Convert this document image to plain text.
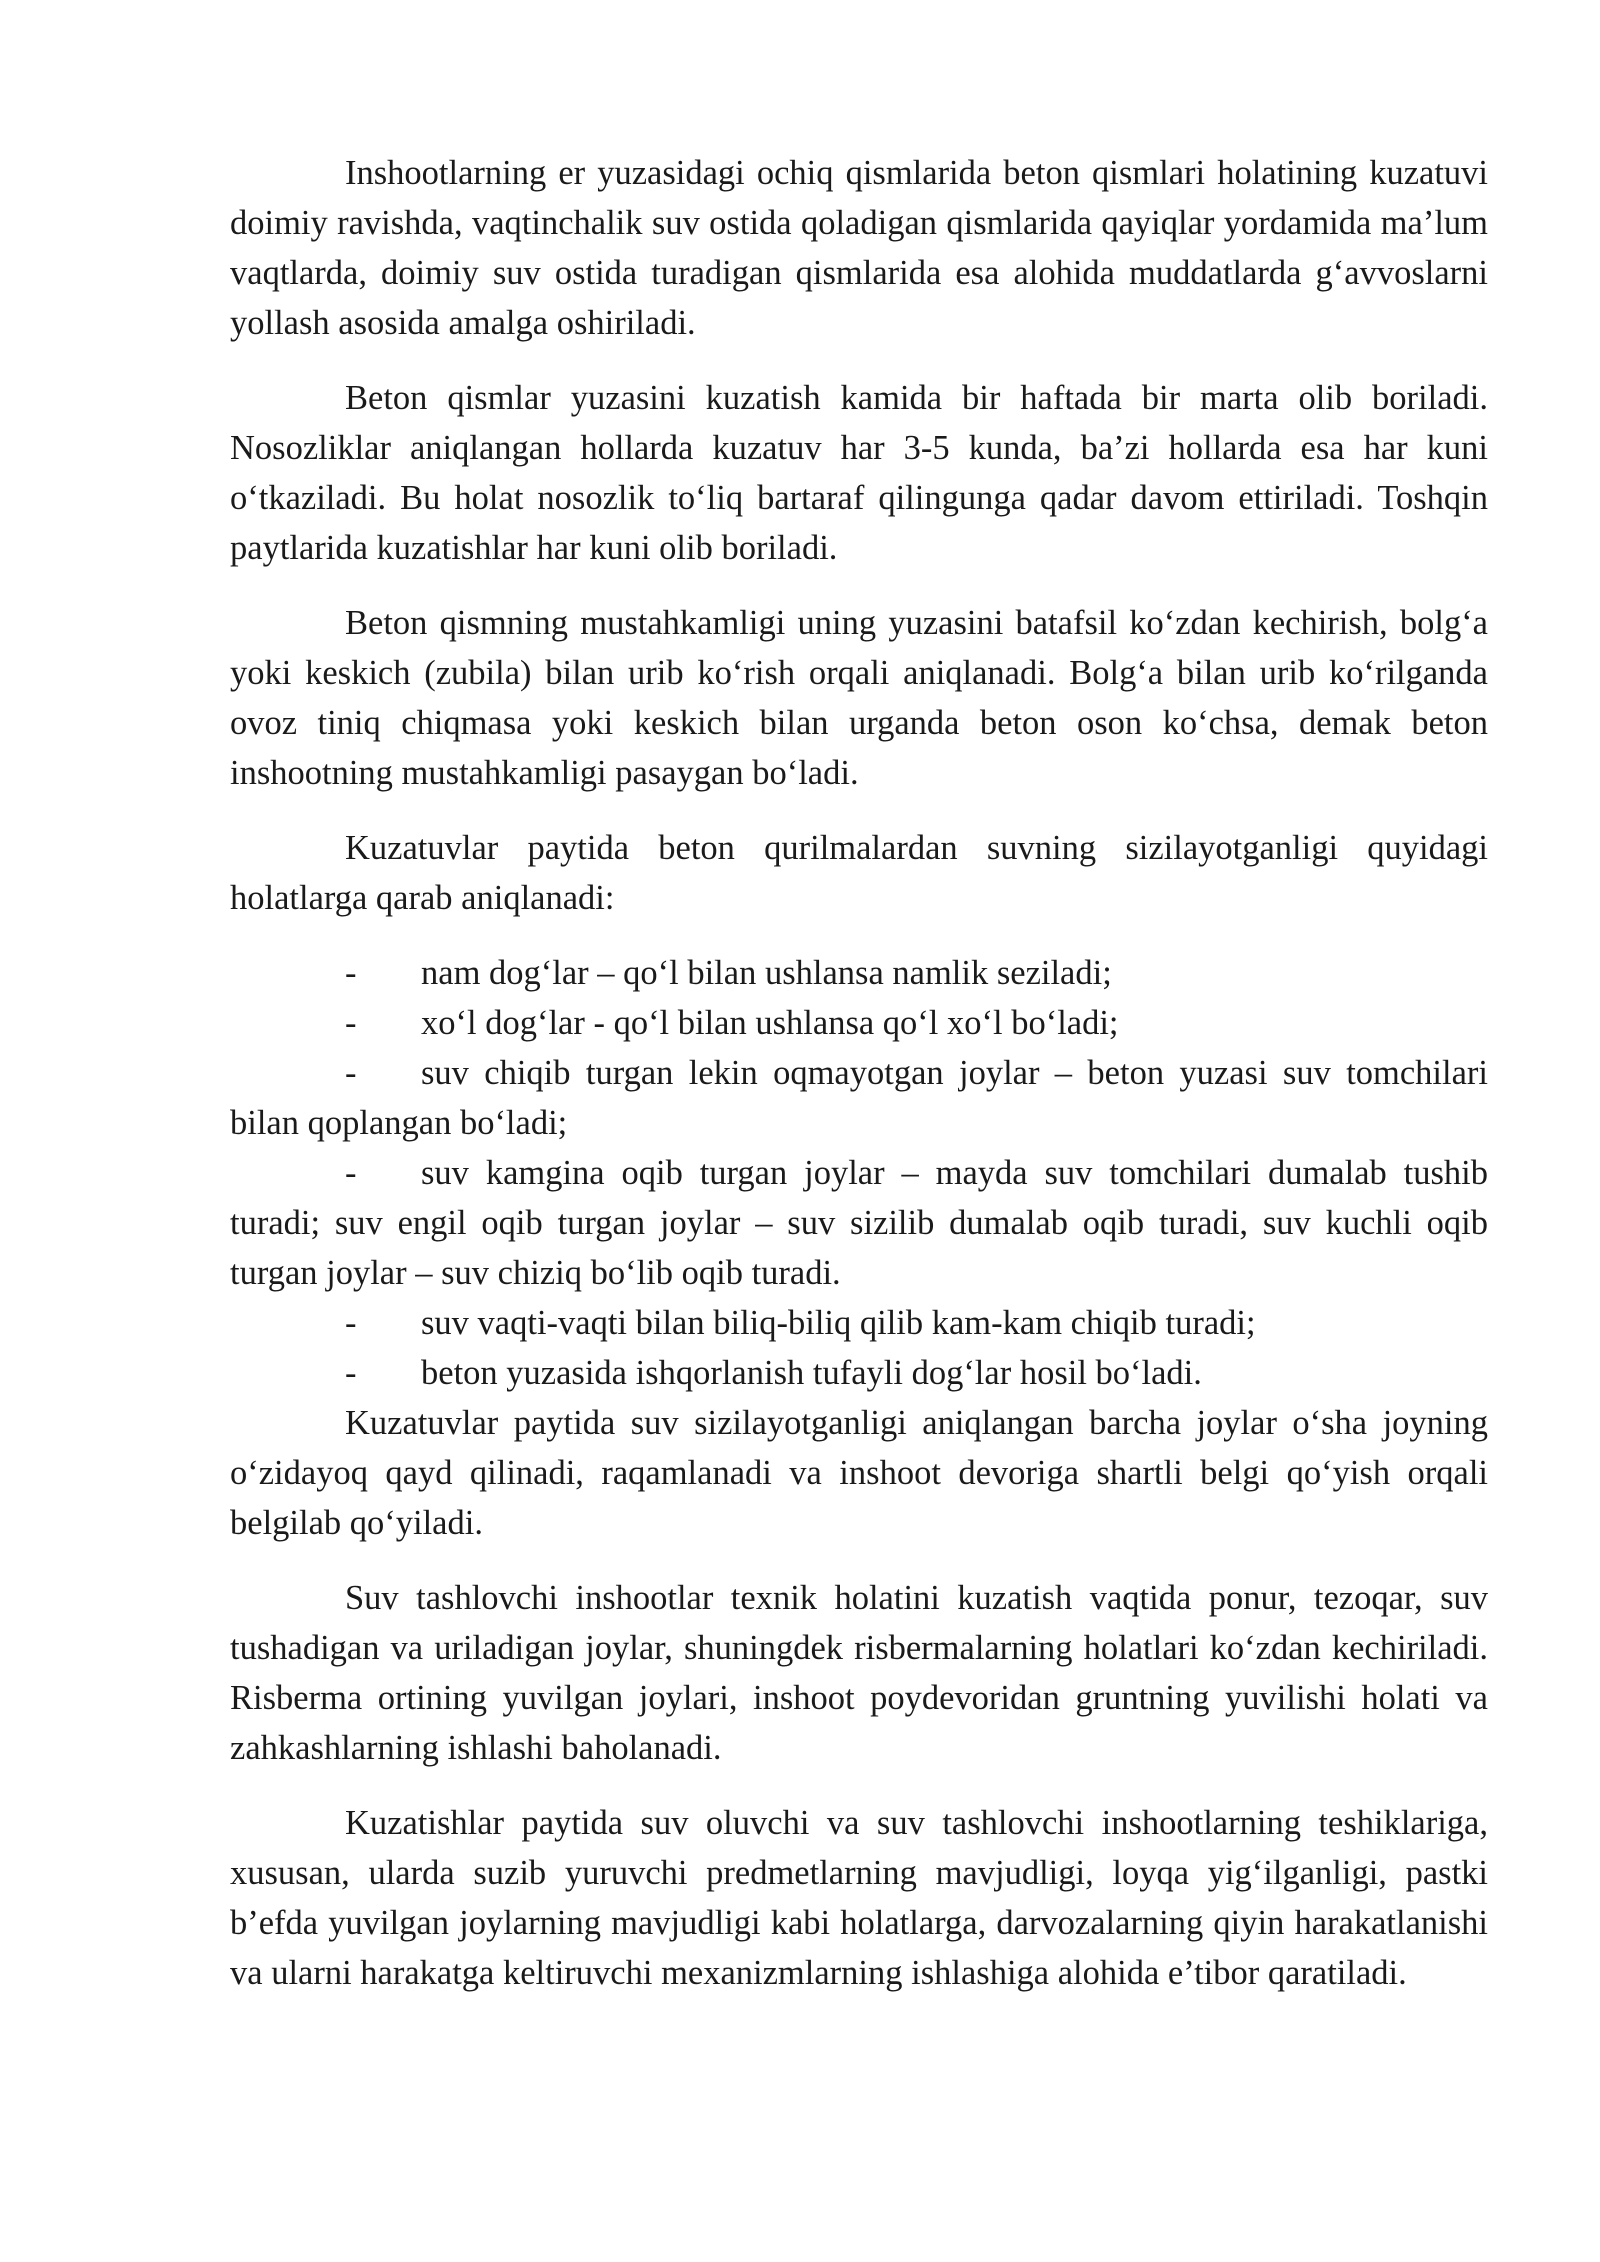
Inshootlarning er yuzasidagi ochiq qismlarida beton qismlari holatining kuzatuvi doimiy ravishda, vaqtinchalik suv ostida qoladigan qismlarida qayiqlar yordamida ma’lum vaqtlarda, doimiy suv ostida turadigan qismlarida esa alohida muddatlarda g‘avvoslarni yollash asosida amalga oshiriladi.

Beton qismlar yuzasini kuzatish kamida bir haftada bir marta olib boriladi. Nosozliklar aniqlangan hollarda kuzatuv har 3-5 kunda, ba’zi hollarda esa har kuni o‘tkaziladi. Bu holat nosozlik to‘liq bartaraf qilingunga qadar davom ettiriladi. Toshqin paytlarida kuzatishlar har kuni olib boriladi.

Beton qismning mustahkamligi uning yuzasini batafsil ko‘zdan kechirish, bolg‘a yoki keskich (zubila) bilan urib ko‘rish orqali aniqlanadi. Bolg‘a bilan urib ko‘rilganda ovoz tiniq chiqmasa yoki keskich bilan urganda beton oson ko‘chsa, demak beton inshootning mustahkamligi pasaygan bo‘ladi.

Kuzatuvlar paytida beton qurilmalardan suvning sizilayotganligi quyidagi holatlarga qarab aniqlanadi:

- nam dog‘lar – qo‘l bilan ushlansa namlik seziladi;
- xo‘l dog‘lar - qo‘l bilan ushlansa qo‘l xo‘l bo‘ladi;
- suv chiqib turgan lekin oqmayotgan joylar – beton yuzasi suv tomchilari bilan qoplangan bo‘ladi;
- suv kamgina oqib turgan joylar – mayda suv tomchilari dumalab tushib turadi; suv engil oqib turgan joylar – suv sizilib dumalab oqib turadi, suv kuchli oqib turgan joylar – suv chiziq bo‘lib oqib turadi.
- suv vaqti-vaqti bilan biliq-biliq qilib kam-kam chiqib turadi;
- beton yuzasida ishqorlanish tufayli dog‘lar hosil bo‘ladi.

Kuzatuvlar paytida suv sizilayotganligi aniqlangan barcha joylar o‘sha joyning o‘zidayoq qayd qilinadi, raqamlanadi va inshoot devoriga shartli belgi qo‘yish orqali belgilab qo‘yiladi.

Suv tashlovchi inshootlar texnik holatini kuzatish vaqtida ponur, tezoqar, suv tushadigan va uriladigan joylar, shuningdek risbermalarning holatlari ko‘zdan kechiriladi. Risberma ortining yuvilgan joylari, inshoot poydevoridan gruntning yuvilishi holati va zahkashlarning ishlashi baholanadi.

Kuzatishlar paytida suv oluvchi va suv tashlovchi inshootlarning teshiklariga, xususan, ularda suzib yuruvchi predmetlarning mavjudligi, loyqa yig‘ilganligi, pastki b’efda yuvilgan joylarning mavjudligi kabi holatlarga, darvozalarning qiyin harakatlanishi va ularni harakatga keltiruvchi mexanizmlarning ishlashiga alohida e’tibor qaratiladi.
